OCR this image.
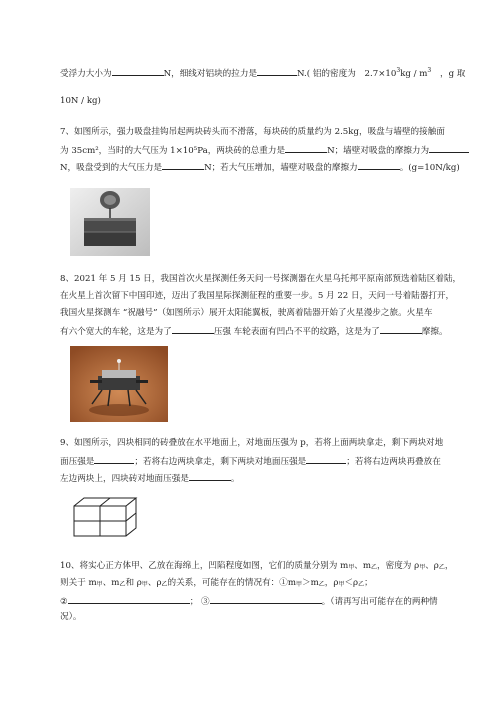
受浮力大小为	N，细线对铝块的拉力是	N.( 铝的密度为 $2.7\times 10^3kg / m^3$ ，g 取
10N / kg)
7、如图所示，强力吸盘挂钩吊起两块砖头而不滑落，每块砖的质量约为 2.5kg，吸盘与墙壁的接触面
为 35cm²，当时的大气压为 1×10⁵Pa，两块砖的总重力是	N；墙壁对吸盘的摩擦力为
N，吸盘受到的大气压力是	N；若大气压增加，墙壁对吸盘的摩擦力	。(g=10N/kg)
8、2021 年 5 月 15 日，我国首次火星探测任务天问一号探测器在火星乌托邦平原南部预选着陆区着陆，
在火星上首次留下中国印迹，迈出了我国星际探测征程的重要一步。5 月 22 日，天问一号着陆器打开，
我国火星探测车 “祝融号”（如图所示）展开太阳能翼板，驶离着陆器开始了火星漫步之旅。火星车
有六个宽大的车轮，这是为了	压强 车轮表面有凹凸不平的纹路，这是为了	摩擦。
9、如图所示，四块相同的砖叠放在水平地面上，对地面压强为 p，若将上面两块拿走，剩下两块对地
面压强是	；若将右边两块拿走，剩下两块对地面压强是	；若将右边两块再叠放在
左边两块上，四块砖对地面压强是	。
10、将实心正方体甲、乙放在海绵上，凹陷程度如图，它们的质量分别为 m甲、m乙，密度为 ρ甲、ρ乙，
则关于 m甲、m乙和 ρ甲、ρ乙的关系，可能存在的情况有：①m甲＞m乙，ρ甲＜ρ乙；
②	； ③	。（请再写出可能存在的两种情
况）。
